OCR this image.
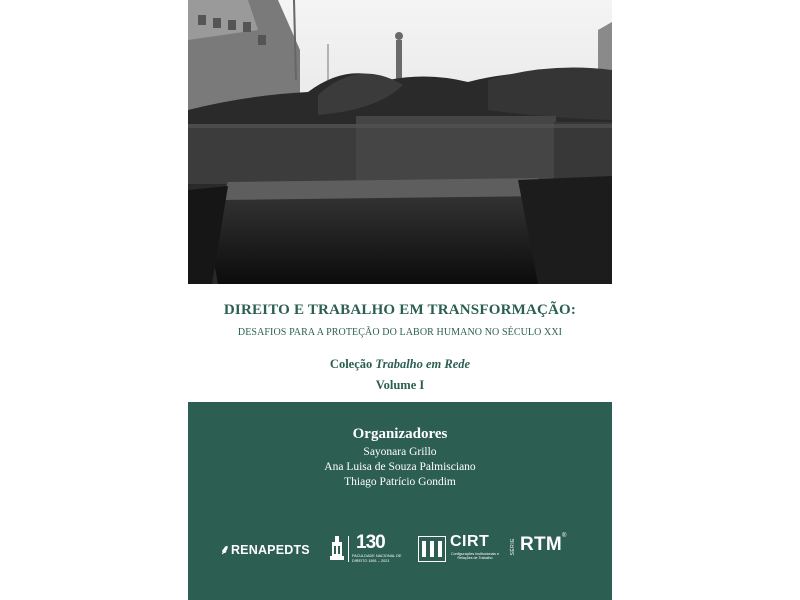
DIREITO E TRABALHO EM TRANSFORMAÇÃO:
DESAFIOS PARA A PROTEÇÃO DO LABOR HUMANO NO SÉCULO XXI
Coleção Trabalho em Rede
Volume I
Organizadores
Sayonara Grillo
Ana Luisa de Souza Palmisciano
Thiago Patrício Gondim
⸙RENAPEDTS 130
FACULDADE NACIONAL DE DIREITO 1891 – 2021
CIRT
Configurações Institucionais e Relações de Trabalho
SÉRIE RTM ®
